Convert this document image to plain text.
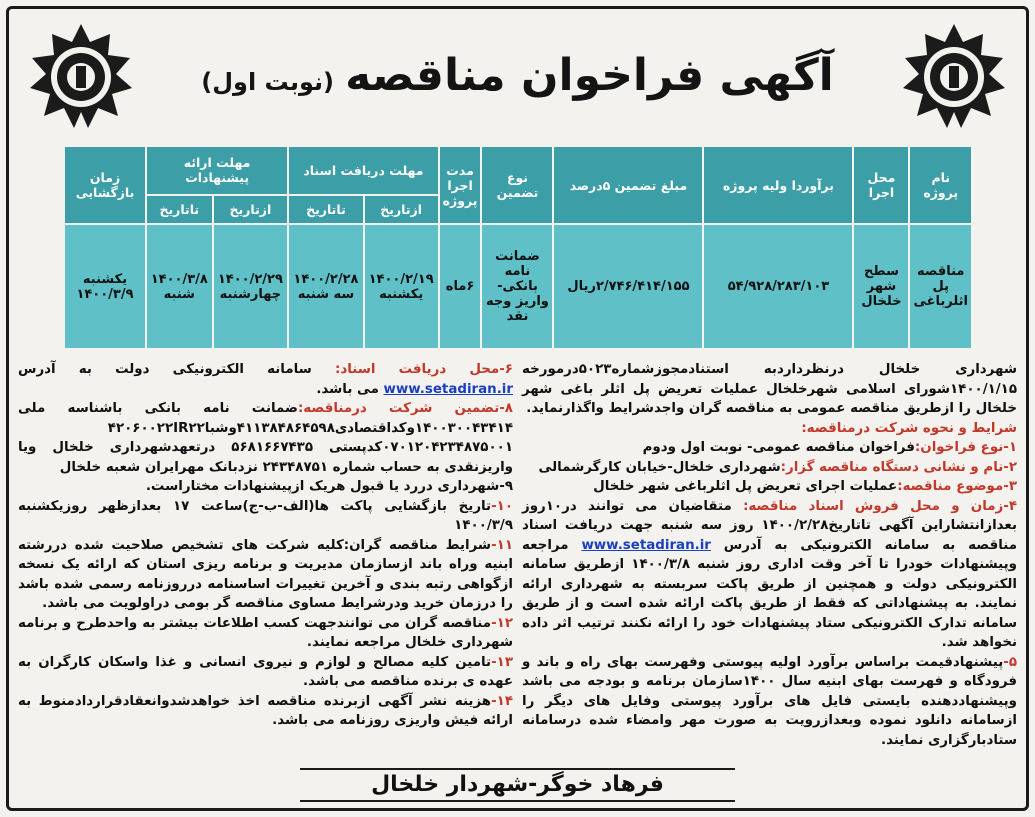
آگهی فراخوان مناقصه (نوبت اول)
نام پروژه	محل اجرا	برآوردا ولیه پروژه	مبلغ تضمین ۵درصد	نوع تضمین	مدت اجرا پروژه	مهلت دریافت اسناد		مهلت ارائه پیشنهادات		زمان بازگشایی
						ازتاریخ	تاتاریخ	ازتاریخ	تاتاریخ	
مناقصه پل اثلرباغی	سطح شهر خلخال	۵۴/۹۲۸/۲۸۳/۱۰۳	۲/۷۴۶/۴۱۴/۱۵۵ریال	ضمانت نامه بانکی- واریز وجه نقد	۶ماه	۱۴۰۰/۲/۱۹ یکشنبه	۱۴۰۰/۲/۲۸ سه شنبه	۱۴۰۰/۲/۲۹ چهارشنبه	۱۴۰۰/۳/۸ شنبه	یکشنبه ۱۴۰۰/۳/۹

شهرداری خلخال درنظرداردبه استنادمجوزشماره۵۰۲۳درمورخه ۱۴۰۰/۱/۱۵شورای اسلامی شهرخلخال عملیات تعریض پل اثلر باغی شهر خلخال را ازطریق مناقصه عمومی به مناقصه گران واجدشرایط واگذارنماید.

شرایط و نحوه شرکت درمناقصه:

۱-نوع فراخوان:فراخوان مناقصه عمومی- نوبت اول ودوم

۲-نام و نشانی دستگاه مناقصه گزار:شهرداری خلخال-خیابان کارگرشمالی

۳-موضوع مناقصه:عملیات اجرای تعریض پل اثلرباغی شهر خلخال

۴-زمان و محل فروش اسناد مناقصه: متقاضیان می توانند در۱۰روز بعدازانتشاراین آگهی تاتاریخ۱۴۰۰/۲/۲۸ روز سه شنبه جهت دریافت اسناد مناقصه به سامانه الکترونیکی به آدرس www.setadiran.ir مراجعه وپیشنهادات خودرا تا آخر وقت اداری روز شنبه ۱۴۰۰/۳/۸ ازطریق سامانه الکترونیکی دولت و همچنین از طریق پاکت سربسته به شهرداری ارائه نمایند. به پیشنهاداتی که فقط از طریق پاکت ارائه شده است و از طریق سامانه تدارک الکترونیکی ستاد پیشنهادات خود را ارائه نکنند ترتیب اثر داده نخواهد شد.

۵-پیشنهادقیمت براساس برآورد اولیه پیوستی وفهرست بهای راه و باند و فرودگاه و فهرست بهای ابنیه سال ۱۴۰۰سازمان برنامه و بودجه می باشد وپیشنهاددهنده بایستی فایل های برآورد پیوستی وفایل های دیگر را ازسامانه دانلود نموده وبعدازرویت به صورت مهر وامضاء شده درسامانه ستادبارگزاری نمایند.

۶-محل دریافت اسناد: سامانه الکترونیکی دولت به آدرس www.setadiran.ir می باشد.

۸-تضمین شرکت درمناقصه:ضمانت نامه بانکی باشناسه ملی ۱۴۰۰۳۰۰۴۳۴۱۴وکداقتصادی۴۱۱۳۸۴۸۶۴۵۹۸وشبا۴۲۰۶۰۰۲۲IR۲۲ ۰۷۰۱۲۰۴۲۳۴۸۷۵۰۰۱کدپستی ۵۶۸۱۶۶۷۴۳۵ درتعهدشهرداری خلخال ویا واریزنقدی به حساب شماره ۲۴۳۴۸۷۵۱ نزدبانک مهرایران شعبه خلخال

۹-شهرداری دررد یا قبول هریک ازپیشنهادات مختاراست.

۱۰-تاریخ بازگشایی پاکت ها(الف-ب-ج)ساعت ۱۷ بعدازظهر روزیکشنبه ۱۴۰۰/۳/۹

۱۱-شرایط مناقصه گران:کلیه شرکت های تشخیص صلاحیت شده دررشته ابنیه وراه باند ازسازمان مدیریت و برنامه ریزی استان که ارائه یک نسخه ازگواهی رتبه بندی و آخرین تغییرات اساسنامه درروزنامه رسمی شده باشد را درزمان خرید ودرشرایط مساوی مناقصه گر بومی دراولویت می باشد.

۱۲-مناقصه گران می توانندجهت کسب اطلاعات بیشتر به واحدطرح و برنامه شهرداری خلخال مراجعه نمایند.

۱۳-تامین کلیه مصالح و لوازم و نیروی انسانی و غذا واسکان کارگران به عهده ی برنده مناقصه می باشد.

۱۴-هزینه نشر آگهی ازبرنده مناقصه اخذ خواهدشدوانعقادقراردادمنوط به ارائه فیش واریزی روزنامه می باشد.

فرهاد خوگر-شهردار خلخال
